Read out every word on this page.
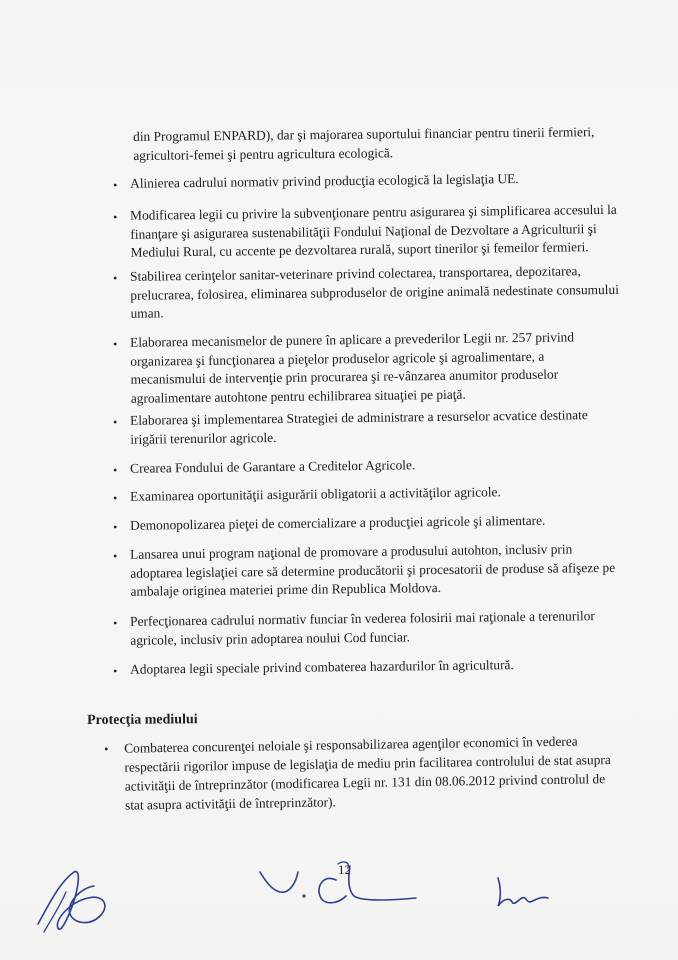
din Programul ENPARD), dar şi majorarea suportului financiar pentru tinerii fermieri, agricultori-femei şi pentru agricultura ecologică.
• Alinierea cadrului normativ privind producţia ecologică la legislaţia UE.
• Modificarea legii cu privire la subvenţionare pentru asigurarea şi simplificarea accesului la finanţare şi asigurarea sustenabilităţii Fondului Naţional de Dezvoltare a Agriculturii şi Mediului Rural, cu accente pe dezvoltarea rurală, suport tinerilor şi femeilor fermieri.
• Stabilirea cerinţelor sanitar-veterinare privind colectarea, transportarea, depozitarea, prelucrarea, folosirea, eliminarea subproduselor de origine animală nedestinate consumului uman.
• Elaborarea mecanismelor de punere în aplicare a prevederilor Legii nr. 257 privind organizarea şi funcţionarea a pieţelor produselor agricole şi agroalimentare, a mecanismului de intervenţie prin procurarea şi re-vânzarea anumitor produselor agroalimentare autohtone pentru echilibrarea situaţiei pe piaţă.
• Elaborarea şi implementarea Strategiei de administrare a resurselor acvatice destinate irigării terenurilor agricole.
• Crearea Fondului de Garantare a Creditelor Agricole.
• Examinarea oportunităţii asigurării obligatorii a activităţilor agricole.
• Demonopolizarea pieţei de comercializare a producţiei agricole şi alimentare.
• Lansarea unui program naţional de promovare a produsului autohton, inclusiv prin adoptarea legislaţiei care să determine producătorii şi procesatorii de produse să afişeze pe ambalaje originea materiei prime din Republica Moldova.
• Perfecţionarea cadrului normativ funciar în vederea folosirii mai raţionale a terenurilor agricole, inclusiv prin adoptarea noului Cod funciar.
• Adoptarea legii speciale privind combaterea hazardurilor în agricultură.
Protecţia mediului
•	Combaterea concurenţei neloiale şi responsabilizarea agenţilor economici în vederea respectării rigorilor impuse de legislaţia de mediu prin facilitarea controlului de stat asupra activităţii de întreprinzător (modificarea Legii nr. 131 din 08.06.2012 privind controlul de stat asupra activităţii de întreprinzător).
12
